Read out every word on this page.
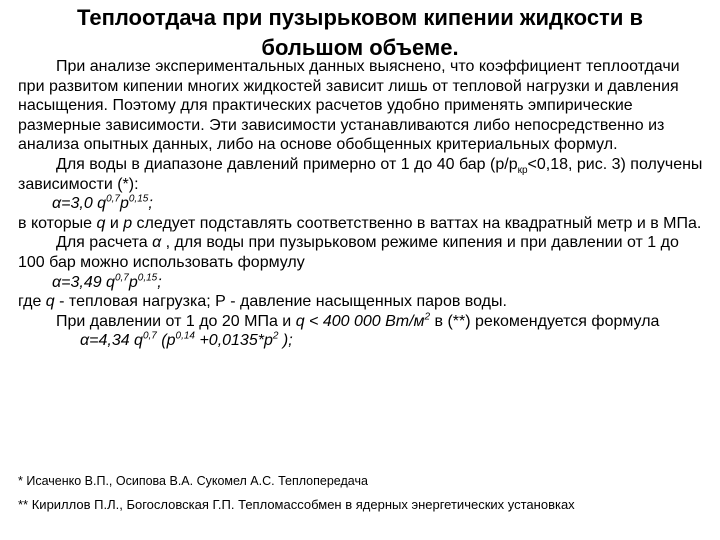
Теплоотдача при пузырьковом кипении жидкости в
большом объеме.

При анализе экспериментальных данных выяснено, что коэффициент теплоотдачи при развитом кипении многих жидкостей зависит лишь от тепловой нагрузки и давления насыщения. Поэтому для практических расчетов удобно применять эмпирические размерные зависимости. Эти зависимости устанавливаются либо непосредственно из анализа опытных данных, либо на основе обобщенных критериальных формул.

Для воды в диапазоне давлений примерно от 1 до 40 бар ($p/p_{кр}<0,18$, рис. 3) получены зависимости (*):

α=3,0 $q^{0,7}p^{0,15}$;

в которые q и p следует подставлять соответственно в ваттах на квадратный метр и в МПа.

Для расчета α , для воды при пузырьковом режиме кипения и при давлении от 1 до 100 бар можно использовать формулу

α=3,49 $q^{0,7}p^{0,15}$;

где q - тепловая нагрузка; Р - давление насыщенных паров воды.

При давлении от 1 до 20 МПа и q < 400 000 $Вт/м^2$ в (**) рекомендуется формула

α=4,34 $q^{0,7}$ ($p^{0,14} +0,0135*p^2$ );

* Исаченко В.П., Осипова В.А. Сукомел А.С. Теплопередача

** Кириллов П.Л., Богословская Г.П. Тепломассобмен в ядерных энергетических установках
